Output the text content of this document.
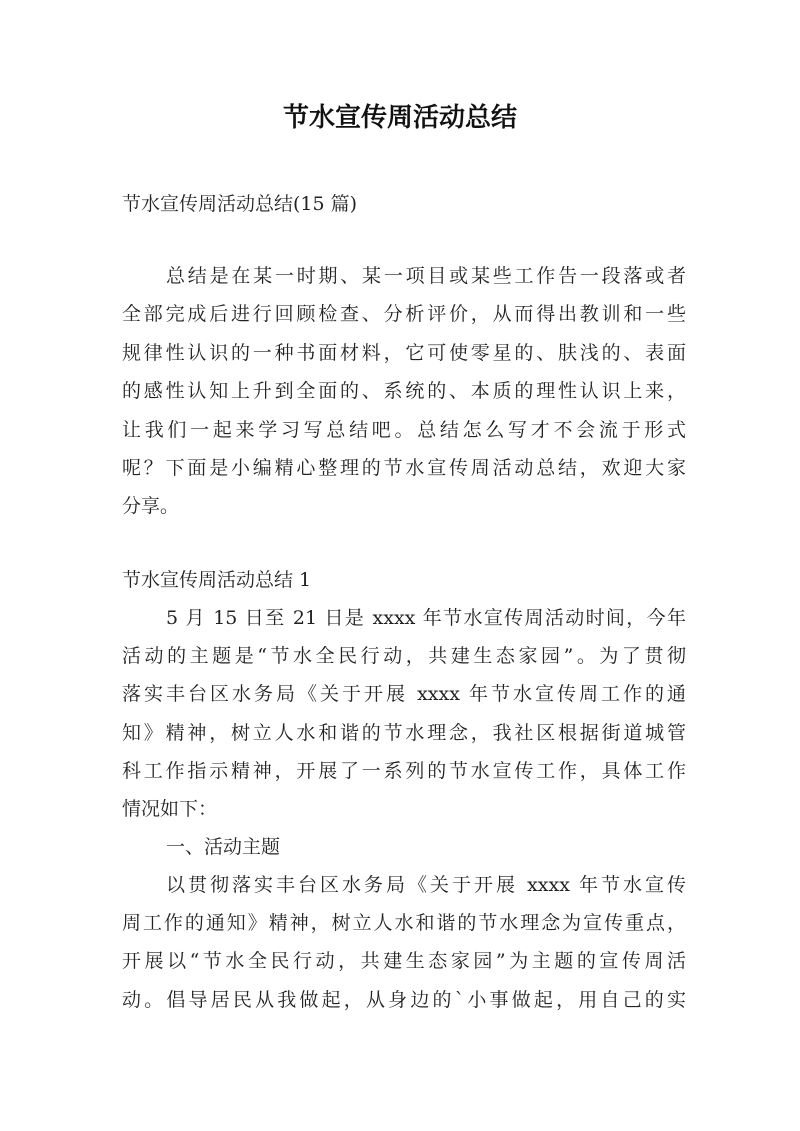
节水宣传周活动总结
节水宣传周活动总结(15 篇)
总结是在某一时期、某一项目或某些工作告一段落或者
全部完成后进行回顾检查、分析评价，从而得出教训和一些
规律性认识的一种书面材料，它可使零星的、肤浅的、表面
的感性认知上升到全面的、系统的、本质的理性认识上来，
让我们一起来学习写总结吧。总结怎么写才不会流于形式
呢？下面是小编精心整理的节水宣传周活动总结，欢迎大家
分享。
节水宣传周活动总结 1
5 月 15 日至 21 日是 xxxx 年节水宣传周活动时间，今年
活动的主题是“节水全民行动，共建生态家园”。为了贯彻
落实丰台区水务局《关于开展 xxxx 年节水宣传周工作的通
知》精神，树立人水和谐的节水理念，我社区根据街道城管
科工作指示精神，开展了一系列的节水宣传工作，具体工作
情况如下：
一、活动主题
以贯彻落实丰台区水务局《关于开展 xxxx 年节水宣传
周工作的通知》精神，树立人水和谐的节水理念为宣传重点，
开展以“节水全民行动，共建生态家园”为主题的宣传周活
动。倡导居民从我做起，从身边的`小事做起，用自己的实
